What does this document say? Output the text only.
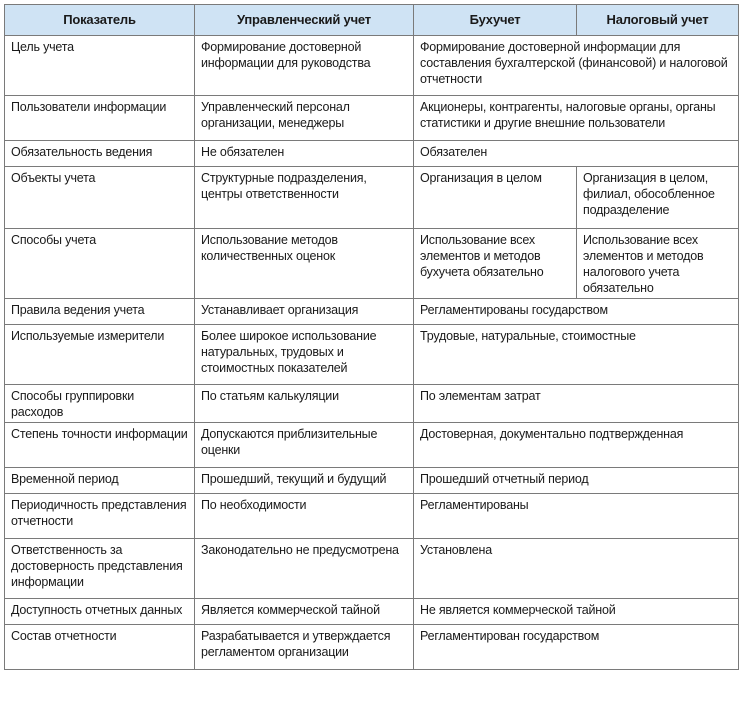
Показатель	Управленческий учет	Бухучет	Налоговый учет
Цель учета	Формирование достоверной информации для руководства	Формирование достоверной информации для составления бухгалтерской (финансовой) и налоговой отчетности	
Пользователи информации	Управленческий персонал организации, менеджеры	Акционеры, контрагенты, налоговые органы, органы статистики и другие внешние пользователи	
Обязательность ведения	Не обязателен	Обязателен	
Объекты учета	Структурные подразделения, центры ответственности	Организация в целом	Организация в целом, филиал, обособленное подразделение
Способы учета	Использование методов количественных оценок	Использование всех элементов и методов бухучета обязательно	Использование всех элементов и методов налогового учета обязательно
Правила ведения учета	Устанавливает организация	Регламентированы государством	
Используемые измерители	Более широкое использование натуральных, трудовых и стоимостных показателей	Трудовые, натуральные, стоимостные	
Способы группировки расходов	По статьям калькуляции	По элементам затрат	
Степень точности информации	Допускаются приблизительные оценки	Достоверная, документально подтвержденная	
Временной период	Прошедший, текущий и будущий	Прошедший отчетный период	
Периодичность представления отчетности	По необходимости	Регламентированы	
Ответственность за достоверность представления информации	Законодательно не предусмотрена	Установлена	
Доступность отчетных данных	Является коммерческой тайной	Не является коммерческой тайной	
Состав отчетности	Разрабатывается и утверждается регламентом организации	Регламентирован государством	
